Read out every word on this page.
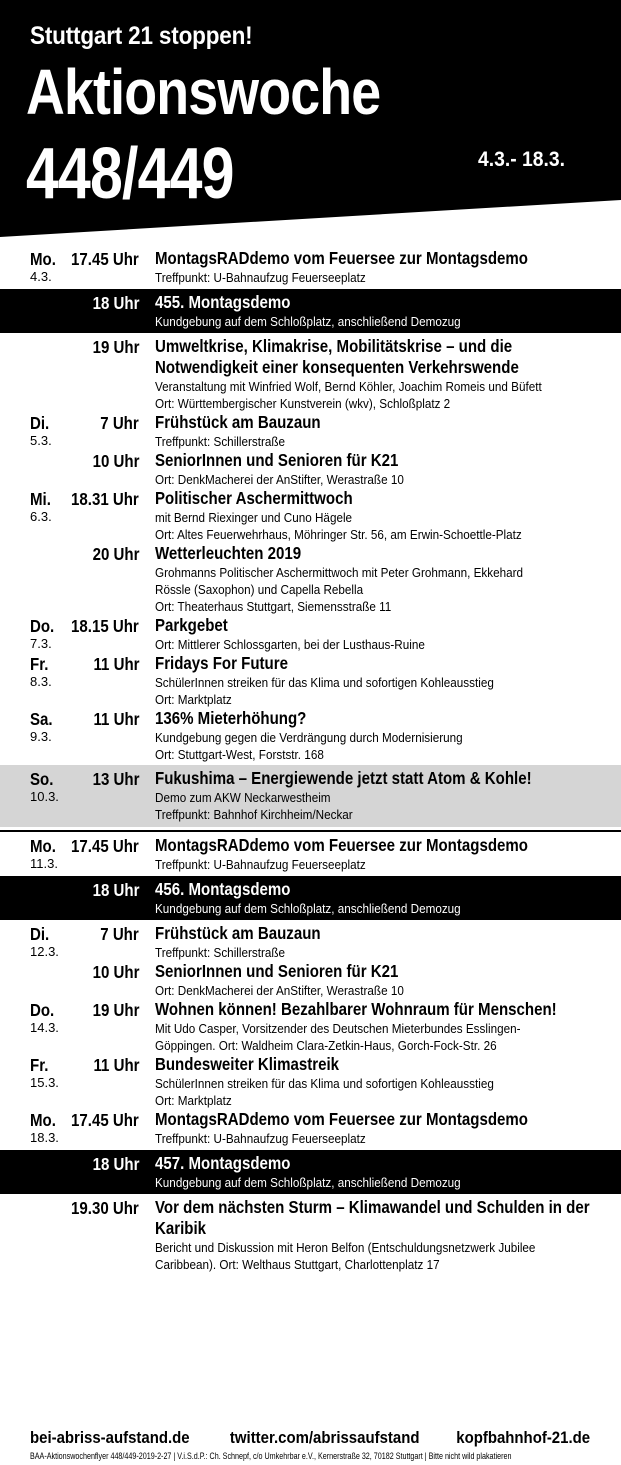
Stuttgart 21 stoppen!
Aktionswoche
448/449	4.3.- 18.3.
Mo.
4.3.
17.45 Uhr MontagsRADdemo vom Feuersee zur Montagsdemo
Treffpunkt: U-Bahnaufzug Feuerseeplatz
18 Uhr 455. Montagsdemo
Kundgebung auf dem Schloßplatz, anschließend Demozug
19 Uhr Umweltkrise, Klimakrise, Mobilitätskrise – und die Notwendigkeit einer konsequenten Verkehrswende
Veranstaltung mit Winfried Wolf, Bernd Köhler, Joachim Romeis und Büfett
Ort: Württembergischer Kunstverein (wkv), Schloßplatz 2
Di.
5.3.
7 Uhr Frühstück am Bauzaun
Treffpunkt: Schillerstraße
10 Uhr SeniorInnen und Senioren für K21
Ort: DenkMacherei der AnStifter, Werastraße 10
Mi.
6.3.
18.31 Uhr Politischer Aschermittwoch
mit Bernd Riexinger und Cuno Hägele
Ort: Altes Feuerwehrhaus, Möhringer Str. 56, am Erwin-Schoettle-Platz
20 Uhr Wetterleuchten 2019
Grohmanns Politischer Aschermittwoch mit Peter Grohmann, Ekkehard
Rössle (Saxophon) und Capella Rebella
Ort: Theaterhaus Stuttgart, Siemensstraße 11
Do.
7.3.
18.15 Uhr Parkgebet
Ort: Mittlerer Schlossgarten, bei der Lusthaus-Ruine
Fr.
8.3.
11 Uhr Fridays For Future
SchülerInnen streiken für das Klima und sofortigen Kohleausstieg
Ort: Marktplatz
Sa.
9.3.
11 Uhr 136% Mieterhöhung?
Kundgebung gegen die Verdrängung durch Modernisierung
Ort: Stuttgart-West, Forststr. 168
So.
10.3.
13 Uhr Fukushima – Energiewende jetzt statt Atom & Kohle!
Demo zum AKW Neckarwestheim
Treffpunkt: Bahnhof Kirchheim/Neckar
Mo.
11.3.
17.45 Uhr MontagsRADdemo vom Feuersee zur Montagsdemo
Treffpunkt: U-Bahnaufzug Feuerseeplatz
18 Uhr 456. Montagsdemo
Kundgebung auf dem Schloßplatz, anschließend Demozug
Di.
12.3.
7 Uhr Frühstück am Bauzaun
Treffpunkt: Schillerstraße
10 Uhr SeniorInnen und Senioren für K21
Ort: DenkMacherei der AnStifter, Werastraße 10
Do.
14.3.
19 Uhr Wohnen können! Bezahlbarer Wohnraum für Menschen!
Mit Udo Casper, Vorsitzender des Deutschen Mieterbundes Esslingen-
Göppingen. Ort: Waldheim Clara-Zetkin-Haus, Gorch-Fock-Str. 26
Fr.
15.3.
11 Uhr Bundesweiter Klimastreik
SchülerInnen streiken für das Klima und sofortigen Kohleausstieg
Ort: Marktplatz
Mo.
18.3.
17.45 Uhr MontagsRADdemo vom Feuersee zur Montagsdemo
Treffpunkt: U-Bahnaufzug Feuerseeplatz
18 Uhr 457. Montagsdemo
Kundgebung auf dem Schloßplatz, anschließend Demozug
19.30 Uhr Vor dem nächsten Sturm – Klimawandel und Schulden in der Karibik
Bericht und Diskussion mit Heron Belfon (Entschuldungsnetzwerk Jubilee
Caribbean). Ort: Welthaus Stuttgart, Charlottenplatz 17
bei-abriss-aufstand.de twitter.com/abrissaufstand kopfbahnhof-21.de
BAA-Aktionswochenflyer 448/449-2019-2-27 | V.i.S.d.P.: Ch. Schnepf, c/o Umkehrbar e.V., Kernerstraße 32, 70182 Stuttgart | Bitte nicht wild plakatieren
